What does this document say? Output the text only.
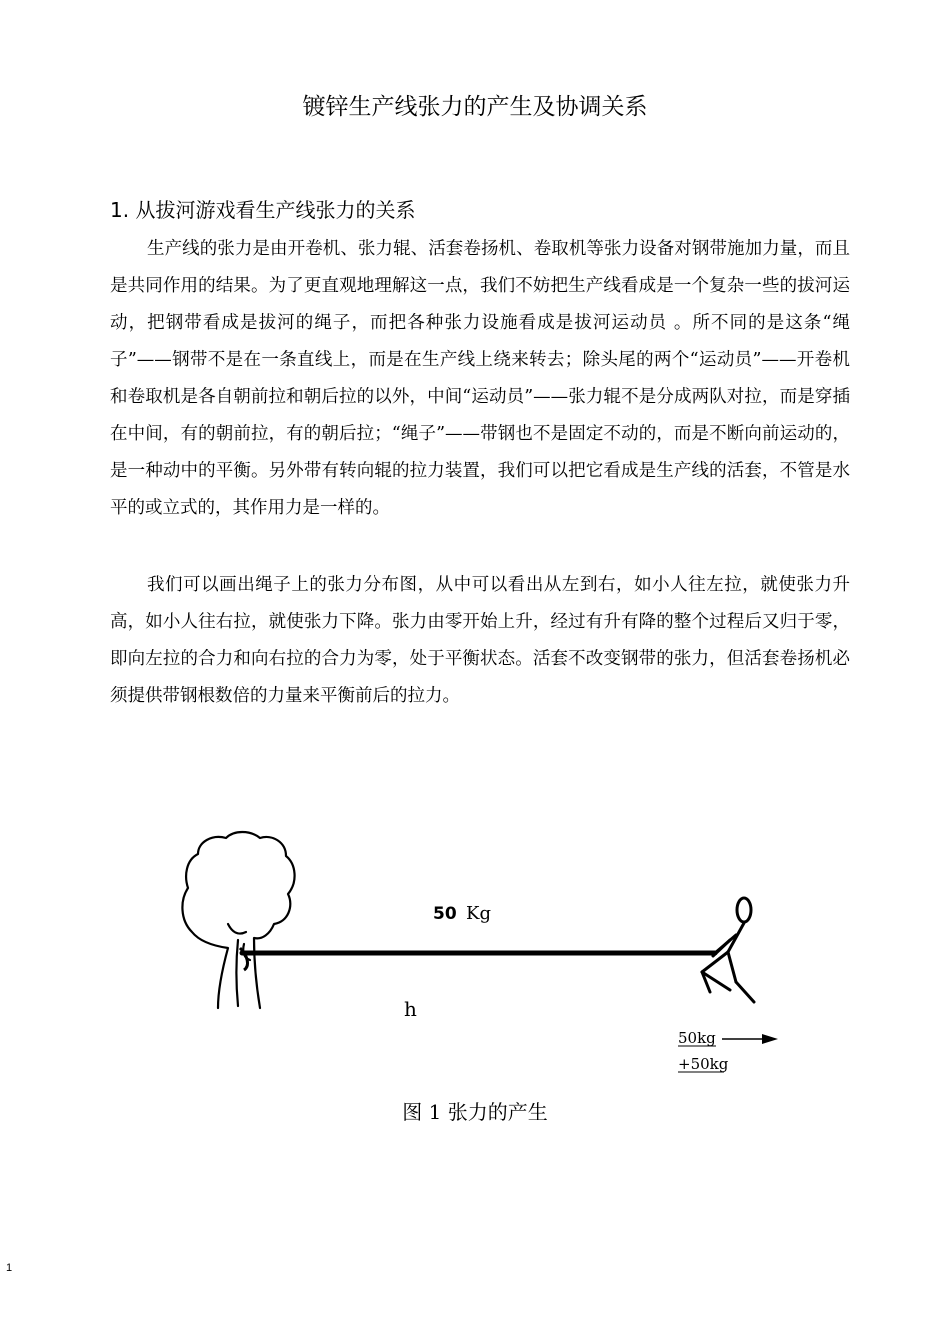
镀锌生产线张力的产生及协调关系
1. 从拔河游戏看生产线张力的关系

生产线的张力是由开卷机、张力辊、活套卷扬机、卷取机等张力设备对钢带施加力量，而且是共同作用的结果。为了更直观地理解这一点，我们不妨把生产线看成是一个复杂一些的拔河运动，把钢带看成是拔河的绳子，而把各种张力设施看成是拔河运动员 。所不同的是这条“绳子”——钢带不是在一条直线上，而是在生产线上绕来转去；除头尾的两个“运动员”——开卷机和卷取机是各自朝前拉和朝后拉的以外，中间“运动员”——张力辊不是分成两队对拉，而是穿插在中间，有的朝前拉，有的朝后拉；“绳子”——带钢也不是固定不动的，而是不断向前运动的，是一种动中的平衡。另外带有转向辊的拉力装置，我们可以把它看成是生产线的活套，不管是水平的或立式的，其作用力是一样的。

我们可以画出绳子上的张力分布图，从中可以看出从左到右，如小人往左拉，就使张力升高，如小人往右拉，就使张力下降。张力由零开始上升，经过有升有降的整个过程后又归于零，即向左拉的合力和向右拉的合力为零，处于平衡状态。活套不改变钢带的张力，但活套卷扬机必须提供带钢根数倍的力量来平衡前后的拉力。

50 Kg
h
50kg
+50kg

图 1 张力的产生

1
